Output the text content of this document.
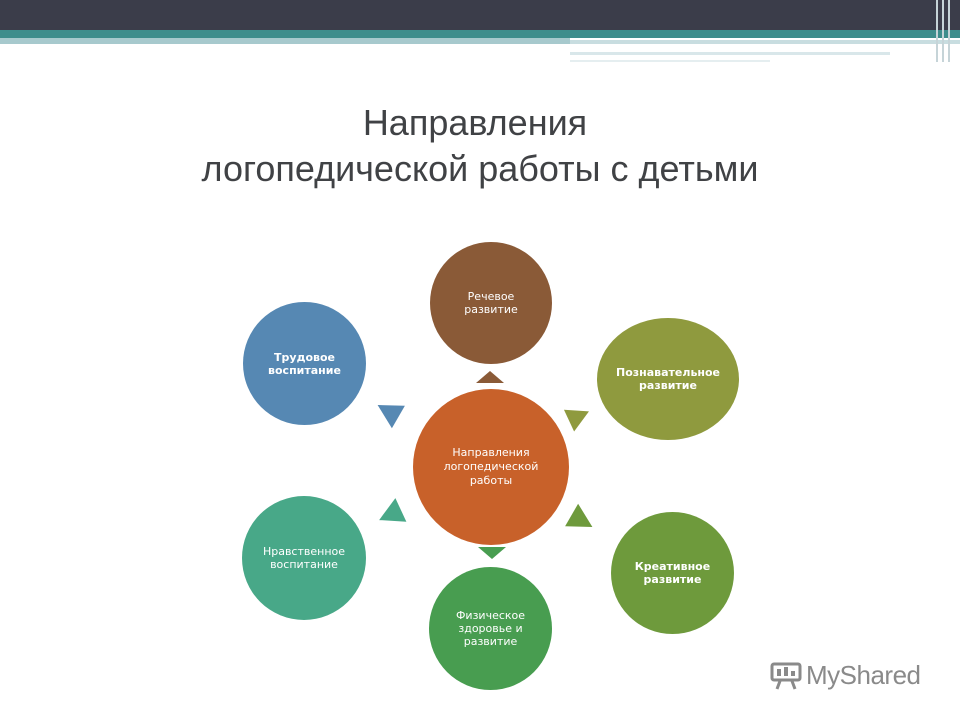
Направления
логопедической работы с детьми
Направления логопедической работы
Речевое развитие
Познавательное развитие
Креативное развитие
Физическое здоровье и развитие
Нравственное воспитание
Трудовое воспитание
MyShared
